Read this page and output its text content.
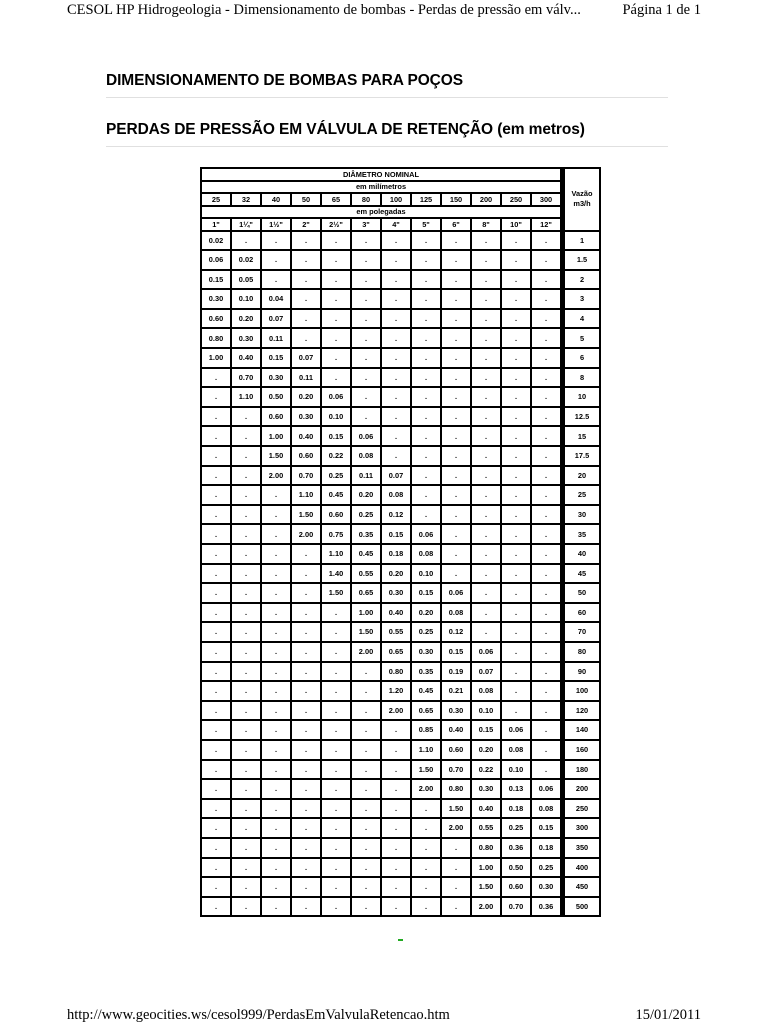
CESOL HP Hidrogeologia - Dimensionamento de bombas - Perdas de pressão em válv...	Página 1 de 1
DIMENSIONAMENTO DE BOMBAS PARA POÇOS
PERDAS DE PRESSÃO EM VÁLVULA DE RETENÇÃO (em metros)
DIÂMETRO NOMINAL												Vazão m3/h
em milímetros												
25	32	40	50	65	80	100	125	150	200	250	300	
em polegadas												
1"	1¼"	1½"	2"	2½"	3"	4"	5"	6"	8"	10"	12"	
0.02	.	.	.	.	.	.	.	.	.	.	.	1
0.06	0.02	.	.	.	.	.	.	.	.	.	.	1.5
0.15	0.05	.	.	.	.	.	.	.	.	.	.	2
0.30	0.10	0.04	.	.	.	.	.	.	.	.	.	3
0.60	0.20	0.07	.	.	.	.	.	.	.	.	.	4
0.80	0.30	0.11	.	.	.	.	.	.	.	.	.	5
1.00	0.40	0.15	0.07	.	.	.	.	.	.	.	.	6
.	0.70	0.30	0.11	.	.	.	.	.	.	.	.	8
.	1.10	0.50	0.20	0.06	.	.	.	.	.	.	.	10
.	.	0.60	0.30	0.10	.	.	.	.	.	.	.	12.5
.	.	1.00	0.40	0.15	0.06	.	.	.	.	.	.	15
.	.	1.50	0.60	0.22	0.08	.	.	.	.	.	.	17.5
.	.	2.00	0.70	0.25	0.11	0.07	.	.	.	.	.	20
.	.	.	1.10	0.45	0.20	0.08	.	.	.	.	.	25
.	.	.	1.50	0.60	0.25	0.12	.	.	.	.	.	30
.	.	.	2.00	0.75	0.35	0.15	0.06	.	.	.	.	35
.	.	.	.	1.10	0.45	0.18	0.08	.	.	.	.	40
.	.	.	.	1.40	0.55	0.20	0.10	.	.	.	.	45
.	.	.	.	1.50	0.65	0.30	0.15	0.06	.	.	.	50
.	.	.	.	.	1.00	0.40	0.20	0.08	.	.	.	60
.	.	.	.	.	1.50	0.55	0.25	0.12	.	.	.	70
.	.	.	.	.	2.00	0.65	0.30	0.15	0.06	.	.	80
.	.	.	.	.	.	0.80	0.35	0.19	0.07	.	.	90
.	.	.	.	.	.	1.20	0.45	0.21	0.08	.	.	100
.	.	.	.	.	.	2.00	0.65	0.30	0.10	.	.	120
.	.	.	.	.	.	.	0.85	0.40	0.15	0.06	.	140
.	.	.	.	.	.	.	1.10	0.60	0.20	0.08	.	160
.	.	.	.	.	.	.	1.50	0.70	0.22	0.10	.	180
.	.	.	.	.	.	.	2.00	0.80	0.30	0.13	0.06	200
.	.	.	.	.	.	.	.	1.50	0.40	0.18	0.08	250
.	.	.	.	.	.	.	.	2.00	0.55	0.25	0.15	300
.	.	.	.	.	.	.	.	.	0.80	0.36	0.18	350
.	.	.	.	.	.	.	.	.	1.00	0.50	0.25	400
.	.	.	.	.	.	.	.	.	1.50	0.60	0.30	450
.	.	.	.	.	.	.	.	.	2.00	0.70	0.36	500
http://www.geocities.ws/cesol999/PerdasEmValvulaRetencao.htm	15/01/2011
